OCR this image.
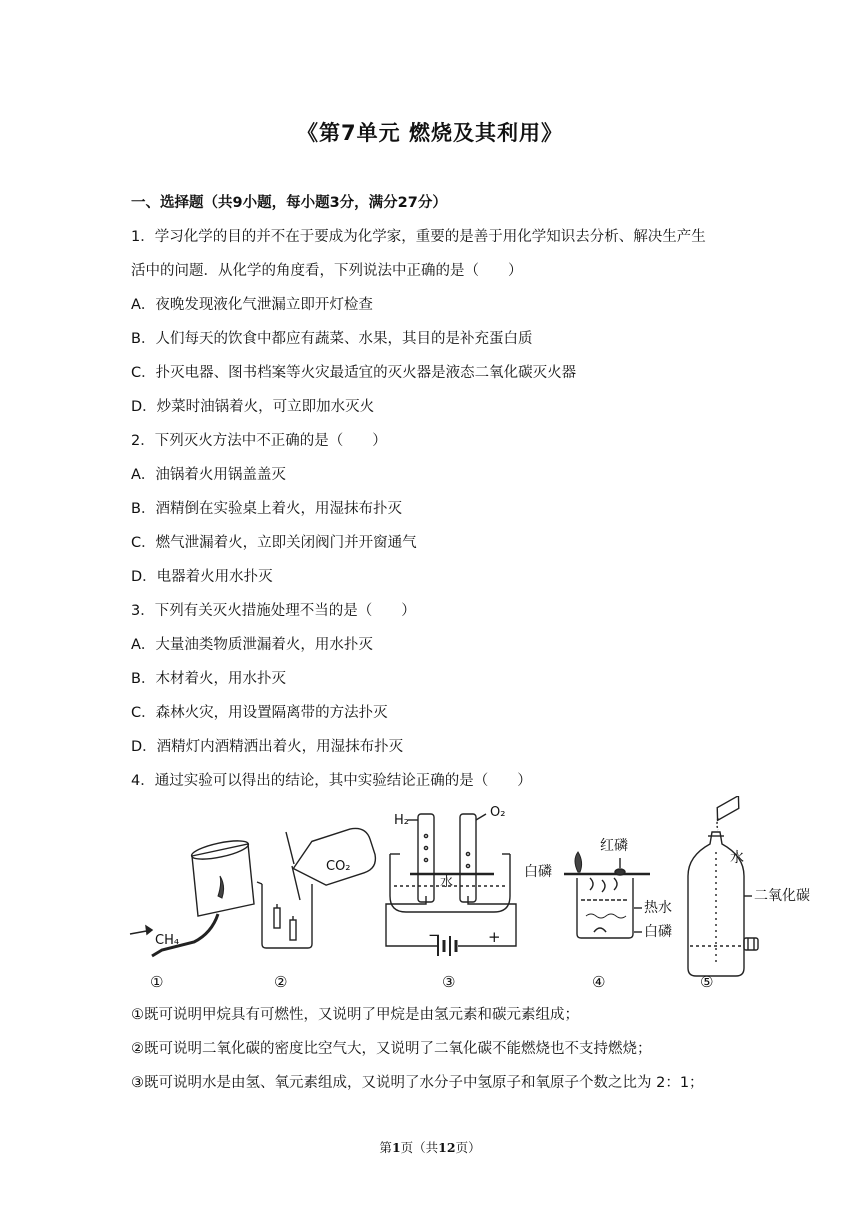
《第7单元 燃烧及其利用》
一、选择题（共9小题，每小题3分，满分27分）
1．学习化学的目的并不在于要成为化学家，重要的是善于用化学知识去分析、解决生产生
活中的问题．从化学的角度看，下列说法中正确的是（　　）
A．夜晚发现液化气泄漏立即开灯检查
B．人们每天的饮食中都应有蔬菜、水果，其目的是补充蛋白质
C．扑灭电器、图书档案等火灾最适宜的灭火器是液态二氧化碳灭火器
D．炒菜时油锅着火，可立即加水灭火
2．下列灭火方法中不正确的是（　　）
A．油锅着火用锅盖盖灭
B．酒精倒在实验桌上着火，用湿抹布扑灭
C．燃气泄漏着火，立即关闭阀门并开窗通气
D．电器着火用水扑灭
3．下列有关灭火措施处理不当的是（　　）
A．大量油类物质泄漏着火，用水扑灭
B．木材着火，用水扑灭
C．森林火灾，用设置隔离带的方法扑灭
D．酒精灯内酒精洒出着火，用湿抹布扑灭
4．通过实验可以得出的结论，其中实验结论正确的是（　　）
CH₄
CO₂
H₂
O₂
水
−	+
白磷
红磷
热水
白磷
水
二氧化碳
①	②	③	④	⑤
①既可说明甲烷具有可燃性，又说明了甲烷是由氢元素和碳元素组成；
②既可说明二氧化碳的密度比空气大，又说明了二氧化碳不能燃烧也不支持燃烧；
③既可说明水是由氢、氧元素组成，又说明了水分子中氢原子和氧原子个数之比为 2：1；
第1页（共12页）
